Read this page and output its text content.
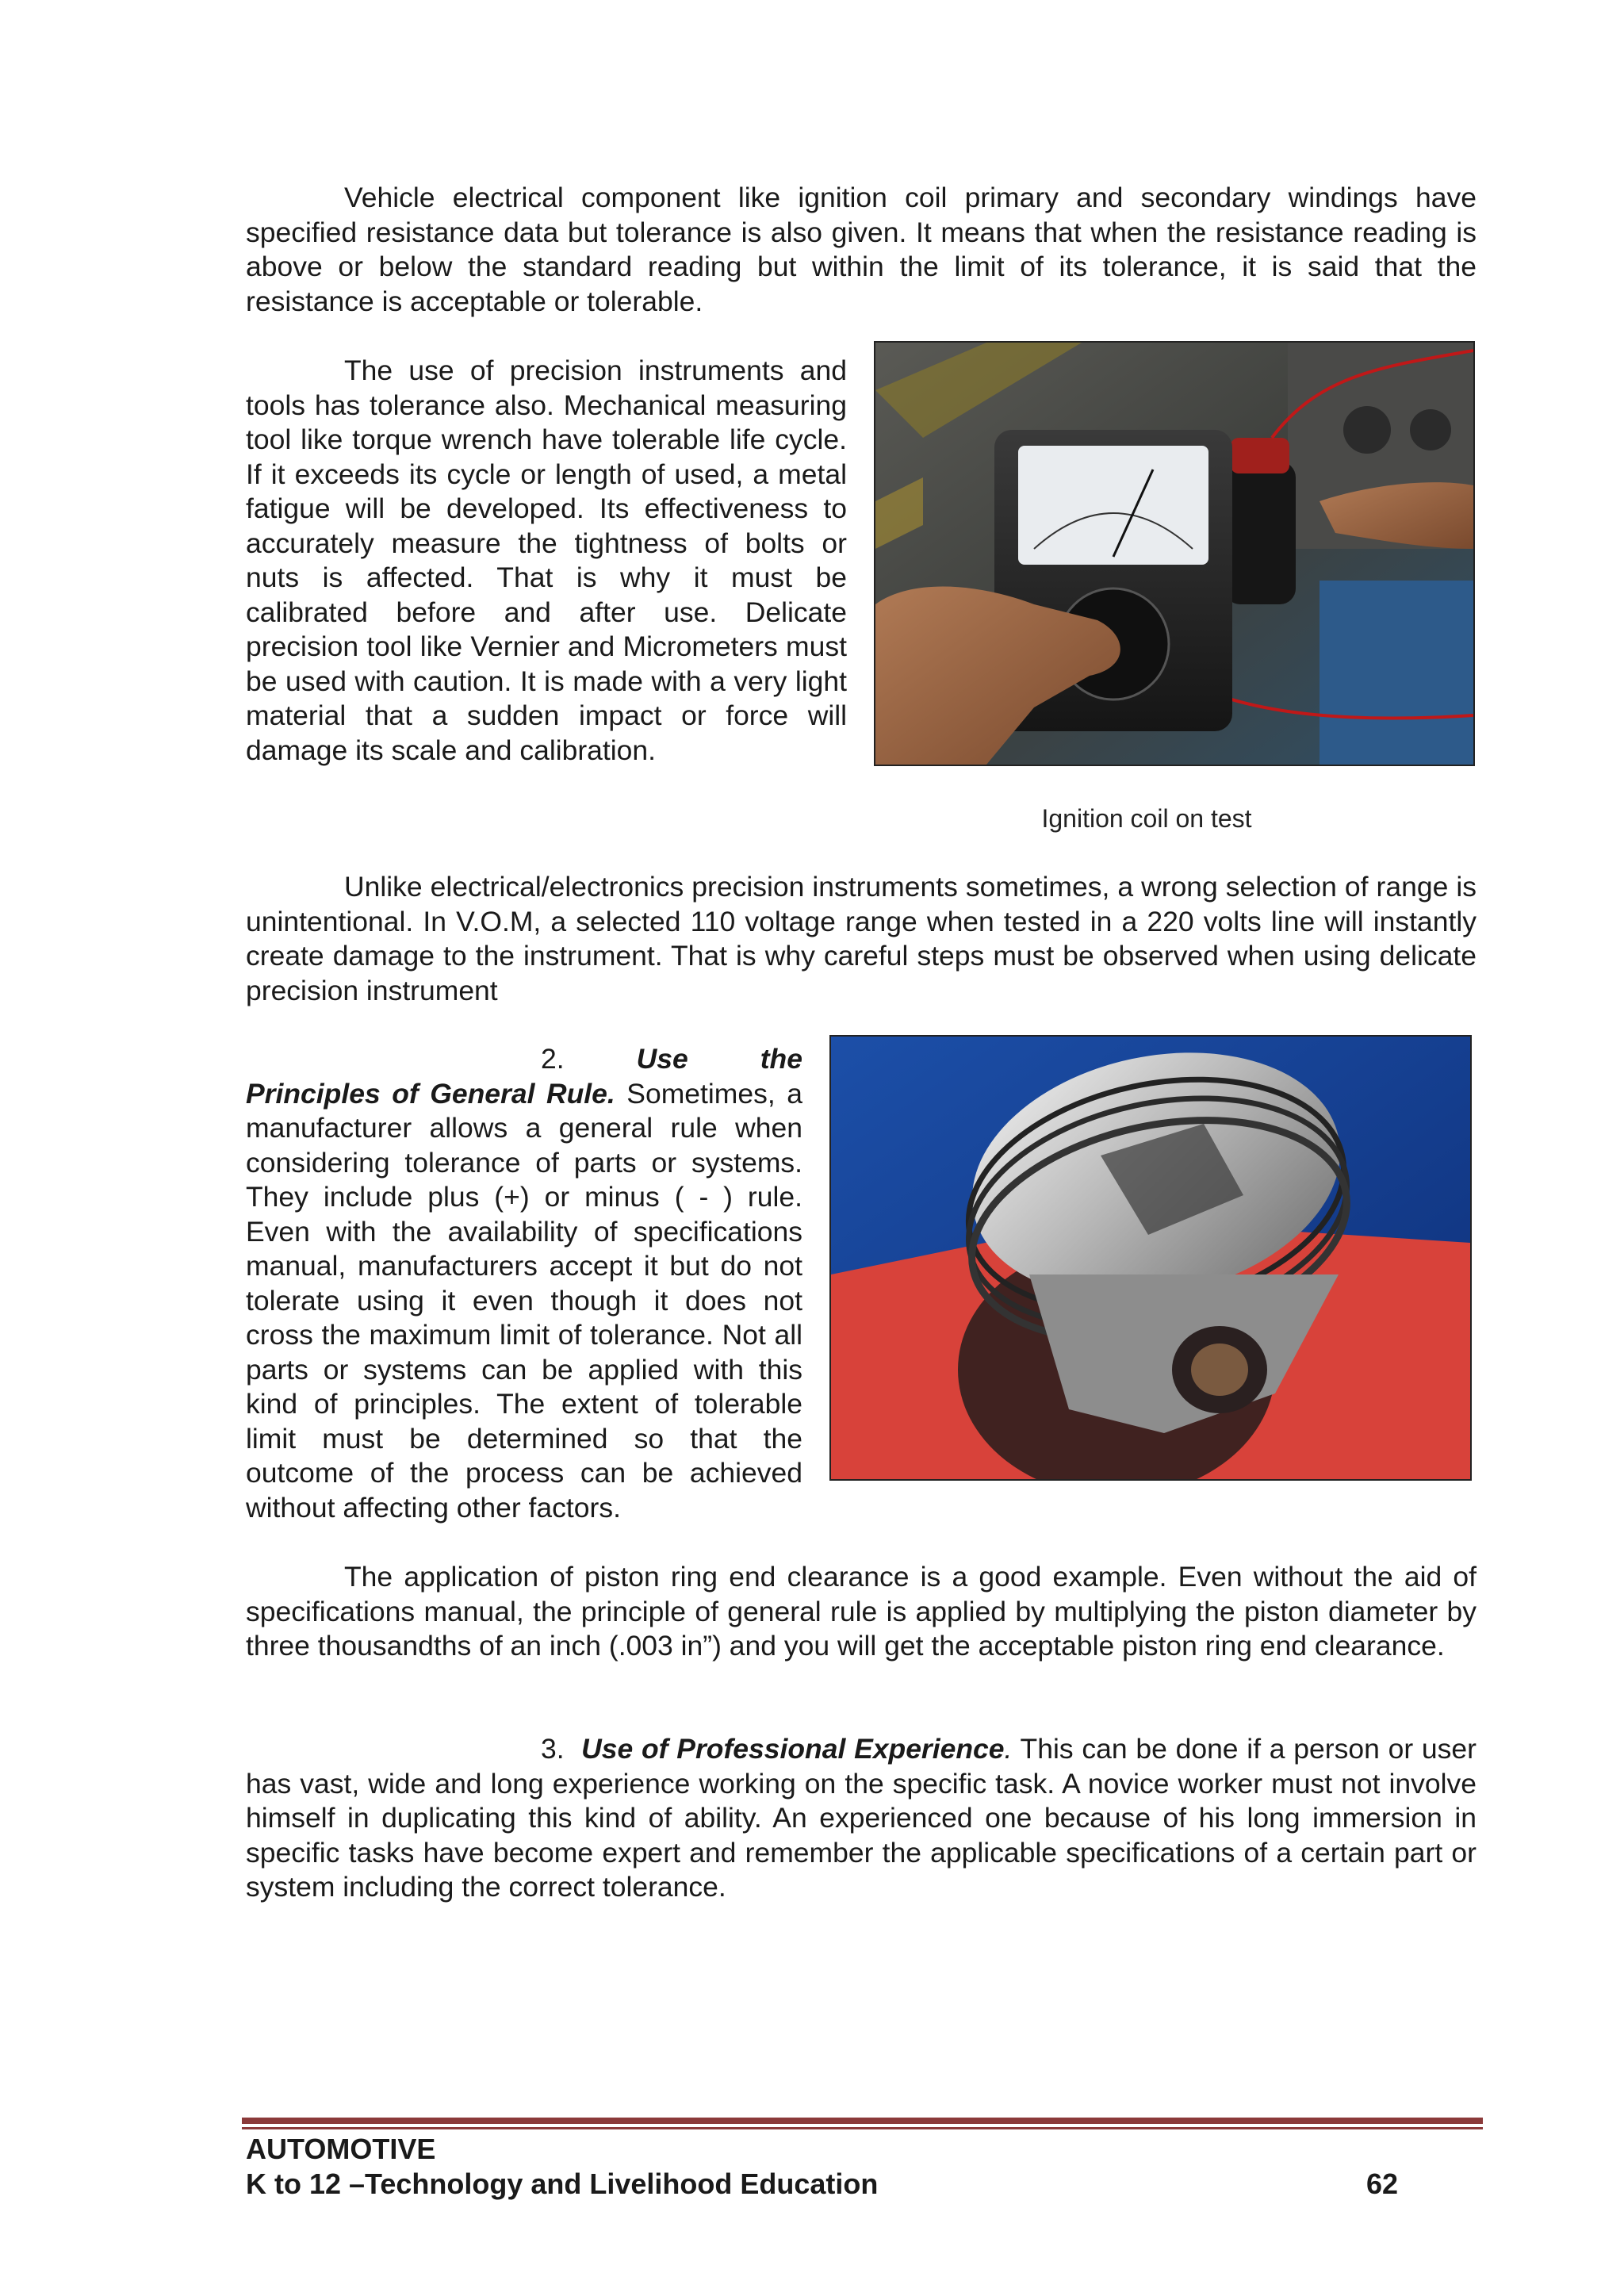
Vehicle electrical component like ignition coil primary and secondary windings have specified resistance data but tolerance is also given. It means that when the resistance reading is above or below the standard reading but within the limit of its tolerance, it is said that the resistance is acceptable or tolerable.

The use of precision instruments and tools has tolerance also. Mechanical measuring tool like torque wrench have tolerable life cycle. If it exceeds its cycle or length of used, a metal fatigue will be developed. Its effectiveness to accurately measure the tightness of bolts or nuts is affected. That is why it must be calibrated before and after use. Delicate precision tool like Vernier and Micrometers must be used with caution. It is made with a very light material that a sudden impact or force will damage its scale and calibration.

Ignition coil on test

Unlike electrical/electronics precision instruments sometimes, a wrong selection of range is unintentional. In V.O.M, a selected 110 voltage range when tested in a 220 volts line will instantly create damage to the instrument. That is why careful steps must be observed when using delicate precision instrument

2.	Use the Principles of General Rule. Sometimes, a manufacturer allows a general rule when considering tolerance of parts or systems. They include plus (+) or minus ( - ) rule. Even with the availability of specifications manual, manufacturers accept it but do not tolerate using it even though it does not cross the maximum limit of tolerance. Not all parts or systems can be applied with this kind of principles. The extent of tolerable limit must be determined so that the outcome of the process can be achieved without affecting other factors.

The application of piston ring end clearance is a good example. Even without the aid of specifications manual, the principle of general rule is applied by multiplying the piston diameter by three thousandths of an inch (.003 in”) and you will get the acceptable piston ring end clearance.

3. Use of Professional Experience. This can be done if a person or user has vast, wide and long experience working on the specific task. A novice worker must not involve himself in duplicating this kind of ability. An experienced one because of his long immersion in specific tasks have become expert and remember the applicable specifications of a certain part or system including the correct tolerance.

AUTOMOTIVE
K to 12 –Technology and Livelihood Education	62
